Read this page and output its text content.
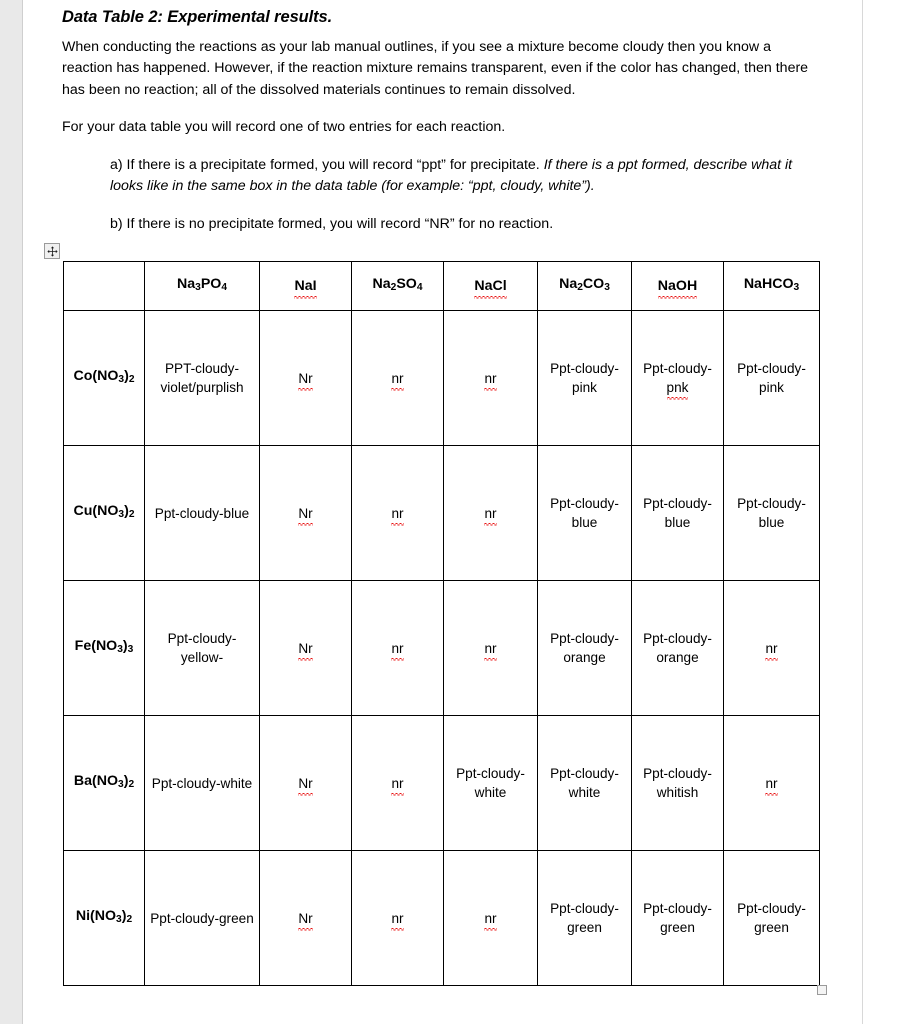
Data Table 2: Experimental results.

When conducting the reactions as your lab manual outlines, if you see a mixture become cloudy then you know a reaction has happened. However, if the reaction mixture remains transparent, even if the color has changed, then there has been no reaction; all of the dissolved materials continues to remain dissolved.

For your data table you will record one of two entries for each reaction.

a) If there is a precipitate formed, you will record “ppt” for precipitate. If there is a ppt formed, describe what it looks like in the same box in the data table (for example: “ppt, cloudy, white”).

b) If there is no precipitate formed, you will record “NR” for no reaction.

	$Na_3PO_4$	NaI	$Na_2SO_4$	NaCl	$Na_2CO_3$	NaOH	NaHCO$_3$
$Co(NO_3)_2$	PPT-cloudy-violet/purplish	Nr	nr	nr	Ppt-cloudy-pink	Ppt-cloudy-pnk	Ppt-cloudy-pink
$Cu(NO_3)_2$	Ppt-cloudy-blue	Nr	nr	nr	Ppt-cloudy-blue	Ppt-cloudy-blue	Ppt-cloudy-blue
$Fe(NO_3)_3$	Ppt-cloudy-yellow-	Nr	nr	nr	Ppt-cloudy-orange	Ppt-cloudy-orange	nr
$Ba(NO_3)_2$	Ppt-cloudy-white	Nr	nr	Ppt-cloudy-white	Ppt-cloudy-white	Ppt-cloudy-whitish	nr
$Ni(NO_3)_2$	Ppt-cloudy-green	Nr	nr	nr	Ppt-cloudy-green	Ppt-cloudy-green	Ppt-cloudy-green
